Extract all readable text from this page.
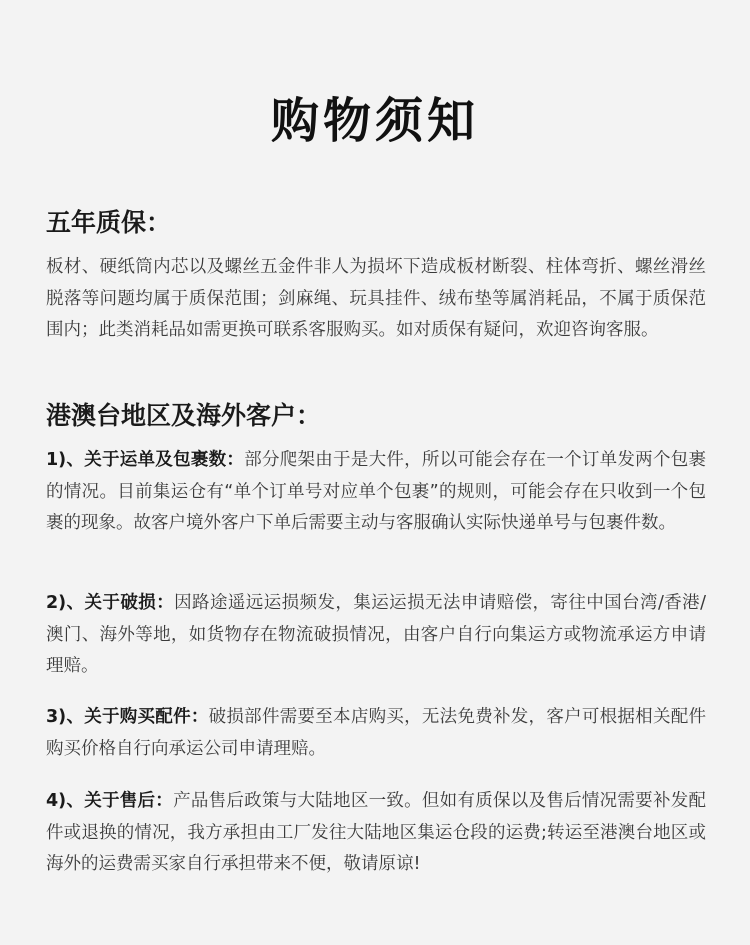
购物须知
五年质保：

板材、硬纸筒内芯以及螺丝五金件非人为损坏下造成板材断裂、柱体弯折、螺丝滑丝脱落等问题均属于质保范围；剑麻绳、玩具挂件、绒布垫等属消耗品，不属于质保范围内；此类消耗品如需更换可联系客服购买。如对质保有疑问，欢迎咨询客服。

港澳台地区及海外客户：

1)、关于运单及包裹数：部分爬架由于是大件，所以可能会存在一个订单发两个包裹的情况。目前集运仓有“单个订单号对应单个包裹”的规则，可能会存在只收到一个包裹的现象。故客户境外客户下单后需要主动与客服确认实际快递单号与包裹件数。

2)、关于破损：因路途遥远运损频发，集运运损无法申请赔偿，寄往中国台湾/香港/澳门、海外等地，如货物存在物流破损情况，由客户自行向集运方或物流承运方申请理赔。

3)、关于购买配件：破损部件需要至本店购买，无法免费补发，客户可根据相关配件购买价格自行向承运公司申请理赔。

4)、关于售后：产品售后政策与大陆地区一致。但如有质保以及售后情况需要补发配件或退换的情况，我方承担由工厂发往大陆地区集运仓段的运费;转运至港澳台地区或海外的运费需买家自行承担带来不便，敬请原谅!
